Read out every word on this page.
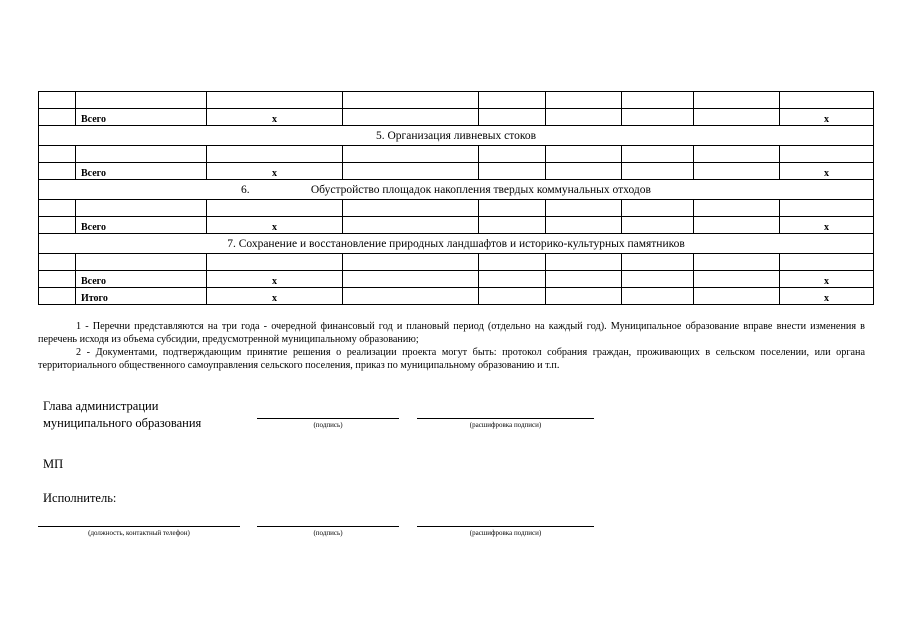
	Всего	x						x
5. Организация ливневых стоков								

	Всего	x						x
6. Обустройство площадок накопления твердых коммунальных отходов								

	Всего	x						x
7. Сохранение и восстановление природных ландшафтов и историко-культурных памятников								

	Всего	x						x
	Итого	x						x

1 - Перечни представляются на три года - очередной финансовый год и плановый период (отдельно на каждый год). Муниципальное образование вправе внести изменения в перечень исходя из объема субсидии, предусмотренной муниципальному образованию;

2 - Документами, подтверждающим принятие решения о реализации проекта могут быть: протокол собрания граждан, проживающих в сельском поселении, или органа территориального общественного самоуправления сельского поселения, приказ по муниципальному образованию и т.п.

Глава администрации
муниципального образования	(подпись)	(расшифровка подписи)
МП
Исполнитель:
(должность, контактный телефон)	(подпись)	(расшифровка подписи)
